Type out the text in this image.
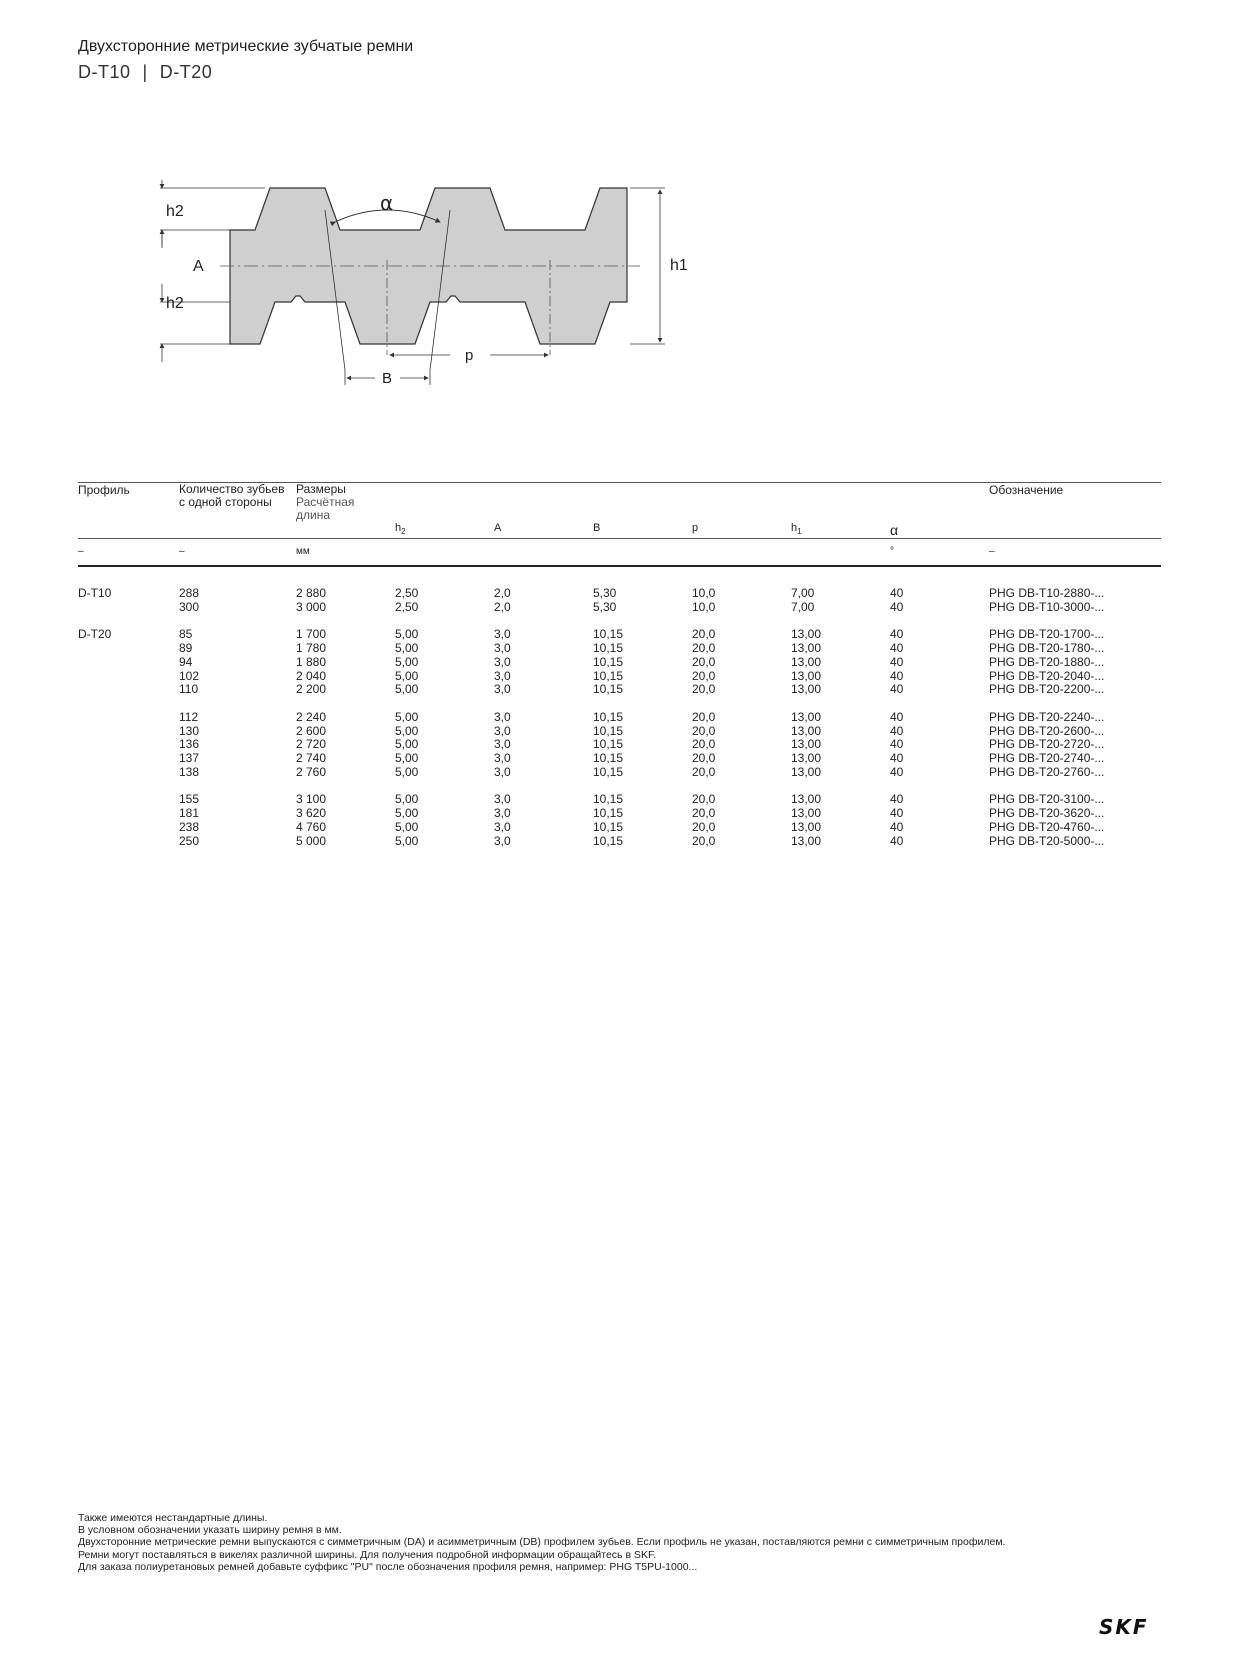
Двухсторонние метрические зубчатые ремни
D-T10 | D-T20
h2
A
h2
α
h1
p
B
Профиль	Количество зубьев
с одной стороны	Размеры
Расчётная
длина							Обозначение
			$h_2$	A	B	p	$h_1$	α	
–	–	мм						°	–

D-T10	288	2 880	2,50	2,0	5,30	10,0	7,00	40	PHG DB-T10-2880-...
	300	3 000	2,50	2,0	5,30	10,0	7,00	40	PHG DB-T10-3000-...

D-T20	85	1 700	5,00	3,0	10,15	20,0	13,00	40	PHG DB-T20-1700-...
	89	1 780	5,00	3,0	10,15	20,0	13,00	40	PHG DB-T20-1780-...
	94	1 880	5,00	3,0	10,15	20,0	13,00	40	PHG DB-T20-1880-...
	102	2 040	5,00	3,0	10,15	20,0	13,00	40	PHG DB-T20-2040-...
	110	2 200	5,00	3,0	10,15	20,0	13,00	40	PHG DB-T20-2200-...

	112	2 240	5,00	3,0	10,15	20,0	13,00	40	PHG DB-T20-2240-...
	130	2 600	5,00	3,0	10,15	20,0	13,00	40	PHG DB-T20-2600-...
	136	2 720	5,00	3,0	10,15	20,0	13,00	40	PHG DB-T20-2720-...
	137	2 740	5,00	3,0	10,15	20,0	13,00	40	PHG DB-T20-2740-...
	138	2 760	5,00	3,0	10,15	20,0	13,00	40	PHG DB-T20-2760-...

	155	3 100	5,00	3,0	10,15	20,0	13,00	40	PHG DB-T20-3100-...
	181	3 620	5,00	3,0	10,15	20,0	13,00	40	PHG DB-T20-3620-...
	238	4 760	5,00	3,0	10,15	20,0	13,00	40	PHG DB-T20-4760-...
	250	5 000	5,00	3,0	10,15	20,0	13,00	40	PHG DB-T20-5000-...
Также имеются нестандартные длины.
В условном обозначении указать ширину ремня в мм.
Двухсторонние метрические ремни выпускаются с симметричным (DA) и асимметричным (DB) профилем зубьев. Если профиль не указан, поставляются ремни с симметричным профилем.
Ремни могут поставляться в викелях различной ширины. Для получения подробной информации обращайтесь в SKF.
Для заказа полиуретановых ремней добавьте суффикс "PU" после обозначения профиля ремня, например: PHG T5PU-1000...
SKF
